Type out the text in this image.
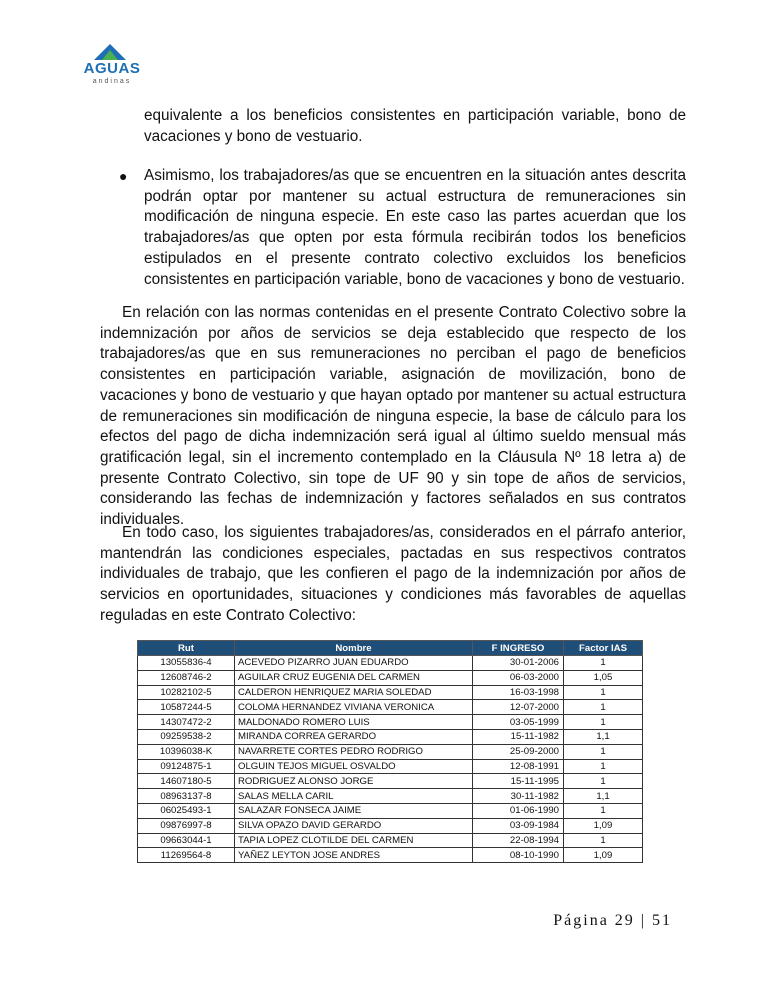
AGUAS
andinas
equivalente a los beneficios consistentes en participación variable, bono de vacaciones y bono de vestuario.
● Asimismo, los trabajadores/as que se encuentren en la situación antes descrita podrán optar por mantener su actual estructura de remuneraciones sin modificación de ninguna especie. En este caso las partes acuerdan que los trabajadores/as que opten por esta fórmula recibirán todos los beneficios estipulados en el presente contrato colectivo excluidos los beneficios consistentes en participación variable, bono de vacaciones y bono de vestuario.
En relación con las normas contenidas en el presente Contrato Colectivo sobre la indemnización por años de servicios se deja establecido que respecto de los trabajadores/as que en sus remuneraciones no perciban el pago de beneficios consistentes en participación variable, asignación de movilización, bono de vacaciones y bono de vestuario y que hayan optado por mantener su actual estructura de remuneraciones sin modificación de ninguna especie, la base de cálculo para los efectos del pago de dicha indemnización será igual al último sueldo mensual más gratificación legal, sin el incremento contemplado en la Cláusula Nº 18 letra a) de presente Contrato Colectivo, sin tope de UF 90 y sin tope de años de servicios, considerando las fechas de indemnización y factores señalados en sus contratos individuales.
En todo caso, los siguientes trabajadores/as, considerados en el párrafo anterior, mantendrán las condiciones especiales, pactadas en sus respectivos contratos individuales de trabajo, que les confieren el pago de la indemnización por años de servicios en oportunidades, situaciones y condiciones más favorables de aquellas reguladas en este Contrato Colectivo:
Rut	Nombre	F INGRESO	Factor IAS
13055836-4	ACEVEDO PIZARRO JUAN EDUARDO	30-01-2006	1
12608746-2	AGUILAR CRUZ EUGENIA DEL CARMEN	06-03-2000	1,05
10282102-5	CALDERON HENRIQUEZ MARIA SOLEDAD	16-03-1998	1
10587244-5	COLOMA HERNANDEZ VIVIANA VERONICA	12-07-2000	1
14307472-2	MALDONADO ROMERO LUIS	03-05-1999	1
09259538-2	MIRANDA CORREA GERARDO	15-11-1982	1,1
10396038-K	NAVARRETE CORTES PEDRO RODRIGO	25-09-2000	1
09124875-1	OLGUIN TEJOS MIGUEL OSVALDO	12-08-1991	1
14607180-5	RODRIGUEZ ALONSO JORGE	15-11-1995	1
08963137-8	SALAS MELLA CARIL	30-11-1982	1,1
06025493-1	SALAZAR FONSECA JAIME	01-06-1990	1
09876997-8	SILVA OPAZO DAVID GERARDO	03-09-1984	1,09
09663044-1	TAPIA LOPEZ CLOTILDE DEL CARMEN	22-08-1994	1
11269564-8	YAÑEZ LEYTON JOSE ANDRES	08-10-1990	1,09
Página 29 | 51
